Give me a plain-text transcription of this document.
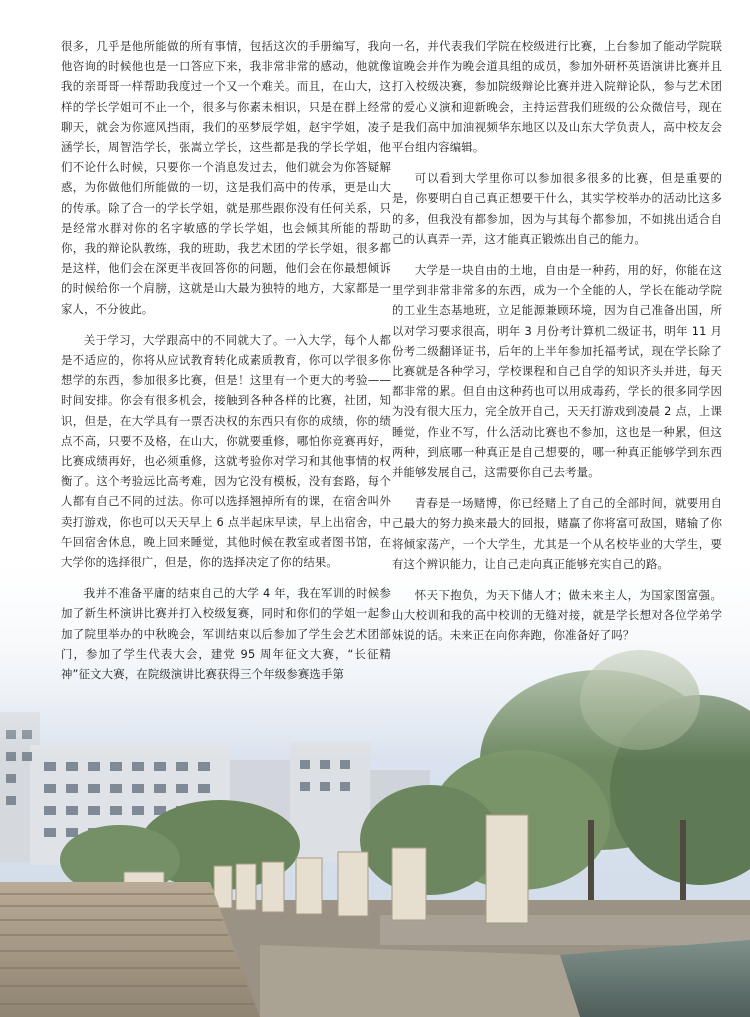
很多，几乎是他所能做的所有事情，包括这次的手册编写，我向他咨询的时候他也是一口答应下来，我非常非常的感动，他就像我的亲哥哥一样帮助我度过一个又一个难关。而且，在山大，这样的学长学姐可不止一个，很多与你素未相识，只是在群上经常聊天，就会为你遮风挡雨，我们的巫梦辰学姐，赵宇学姐，凌子涵学长，周智浩学长，张嵩立学长，这些都是我的学长学姐，他们不论什么时候，只要你一个消息发过去，他们就会为你答疑解惑，为你做他们所能做的一切，这是我们高中的传承，更是山大的传承。除了合一的学长学姐，就是那些跟你没有任何关系，只是经常水群对你的名字敏感的学长学姐，也会倾其所能的帮助你，我的辩论队教练，我的班助，我艺术团的学长学姐，很多都是这样，他们会在深更半夜回答你的问题，他们会在你最想倾诉的时候给你一个肩膀，这就是山大最为独特的地方，大家都是一家人，不分彼此。

关于学习，大学跟高中的不同就大了。一入大学，每个人都是不适应的，你将从应试教育转化成素质教育，你可以学很多你想学的东西，参加很多比赛，但是！这里有一个更大的考验——时间安排。你会有很多机会，接触到各种各样的比赛，社团，知识，但是，在大学具有一票否决权的东西只有你的成绩，你的绩点不高，只要不及格，在山大，你就要重修，哪怕你竞赛再好，比赛成绩再好，也必须重修，这就考验你对学习和其他事情的权衡了。这个考验远比高考难，因为它没有模板，没有套路，每个人都有自己不同的过法。你可以选择翘掉所有的课，在宿舍叫外卖打游戏，你也可以天天早上 6 点半起床早读，早上出宿舍，中午回宿舍休息，晚上回来睡觉，其他时候在教室或者图书馆，在大学你的选择很广，但是，你的选择决定了你的结果。

我并不准备平庸的结束自己的大学 4 年，我在军训的时候参加了新生杯演讲比赛并打入校级复赛，同时和你们的学姐一起参加了院里举办的中秋晚会，军训结束以后参加了学生会艺术团部门，参加了学生代表大会，建党 95 周年征文大赛，“长征精神”征文大赛，在院级演讲比赛获得三个年级参赛选手第

一名，并代表我们学院在校级进行比赛，上台参加了能动学院联谊晚会并作为晚会道具组的成员，参加外研杯英语演讲比赛并且打入校级决赛，参加院级辩论比赛并进入院辩论队，参与艺术团的爱心义演和迎新晚会，主持运营我们班级的公众微信号，现在是我们高中加油视频华东地区以及山东大学负责人，高中校友会平台组内容编辑。

可以看到大学里你可以参加很多很多的比赛，但是重要的是，你要明白自己真正想要干什么，其实学校举办的活动比这多的多，但我没有都参加，因为与其每个都参加，不如挑出适合自己的认真弄一弄，这才能真正锻炼出自己的能力。

大学是一块自由的土地，自由是一种药，用的好，你能在这里学到非常非常多的东西，成为一个全能的人，学长在能动学院的工业生态基地班，立足能源兼顾环境，因为自己准备出国，所以对学习要求很高，明年 3 月份考计算机二级证书，明年 11 月份考二级翻译证书，后年的上半年参加托福考试，现在学长除了比赛就是各种学习，学校课程和自己自学的知识齐头并进，每天都非常的累。但自由这种药也可以用成毒药，学长的很多同学因为没有很大压力，完全放开自己，天天打游戏到凌晨 2 点，上课睡觉，作业不写，什么活动比赛也不参加，这也是一种累，但这两种，到底哪一种真正是自己想要的，哪一种真正能够学到东西并能够发展自己，这需要你自己去考量。

青春是一场赌博，你已经赌上了自己的全部时间，就要用自己最大的努力换来最大的回报，赌赢了你将富可敌国，赌输了你将倾家荡产，一个大学生，尤其是一个从名校毕业的大学生，要有这个辨识能力，让自己走向真正能够充实自己的路。

怀天下抱负，为天下储人才；做未来主人，为国家图富强。山大校训和我的高中校训的无缝对接，就是学长想对各位学弟学妹说的话。未来正在向你奔跑，你准备好了吗？
